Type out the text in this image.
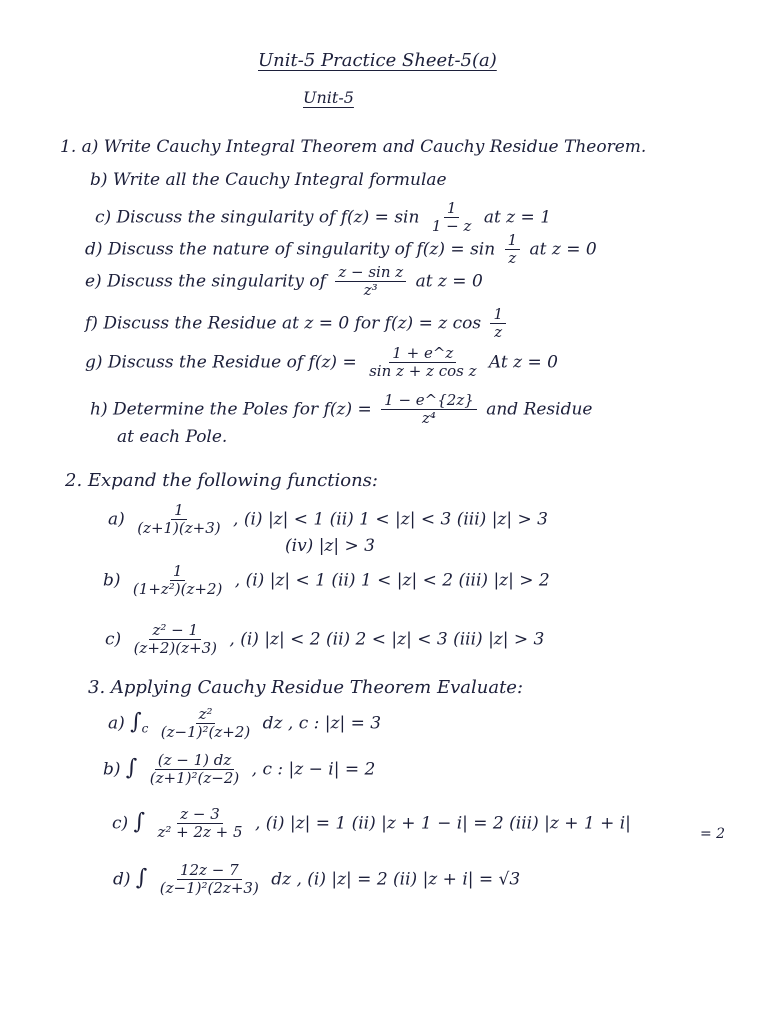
Unit-5 Practice Sheet-5(a)
Unit-5
1. a) Write Cauchy Integral Theorem and Cauchy Residue Theorem.
b) Write all the Cauchy Integral formulae
c) Discuss the singularity of $f(z) = \sin \frac{1}{1 - z}$ at z = 1
d) Discuss the nature of singularity of $f(z) = \sin \frac{1}{z}$ at z = 0
e) Discuss the singularity of $\frac{\text{z − sin z}}{\text{z³}}$ at z = 0
f) Discuss the Residue at z = 0 for f(z) = z $\cos \frac{1}{z}$
g) Discuss the Residue of $f(z) = \frac{1 + e\^{}z}{\text{sin z + z cos z}}$ At z = 0
h) Determine the Poles for $f(z) = \frac{1 - e\^{}\{2z\}}{\text{z⁴}}$ and Residue
at each Pole.
2. Expand the following functions:
$a) \frac{1}{(z+1)(z+3)}$ , (i) |z| < 1 (ii) 1 < |z| < 3 (iii) |z| > 3
(iv) |z| > 3
$b) \frac{1}{\text{(1+z²)(z+2)}}$ , (i) |z| < 1 (ii) 1 < |z| < 2 (iii) |z| > 2
$c) \frac{\text{z² − 1}}{(z+2)(z+3)}$ , (i) |z| < 2 (ii) 2 < |z| < 3 (iii) |z| > 3
3. Applying Cauchy Residue Theorem Evaluate:
a) $\int_c \frac{\text{z²}}{\text{(z−1)²(z+2)}}$ dz , c : |z| = 3
b) ∫ $\frac{(z - 1) dz}{\text{(z+1)²(z−2)}}$ , c : |z − i| = 2
c) ∫ $\frac{z - 3}{\text{z² + 2z + 5}}$ , (i) |z| = 1 (ii) |z + 1 − i| = 2 (iii) |z + 1 + i|
= 2
d) ∫ $\frac{12z - 7}{\text{(z−1)²(2z+3)}}$ dz , (i) |z| = 2 (ii) |z + i| = √3
